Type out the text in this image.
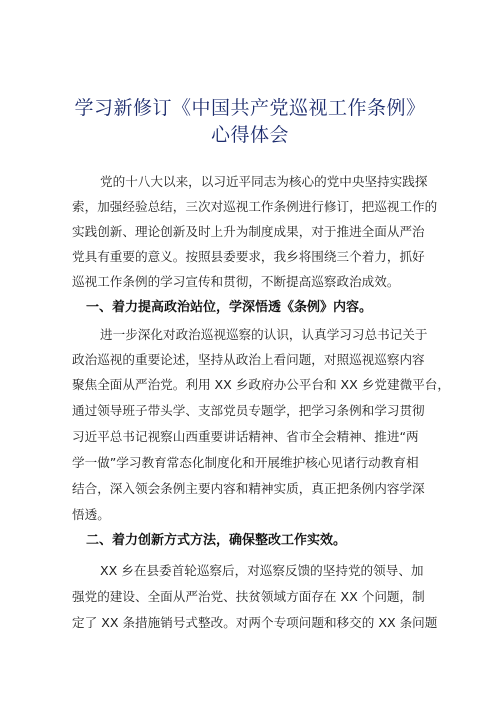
学习新修订《中国共产党巡视工作条例》
心得体会
党的十八大以来，以习近平同志为核心的党中央坚持实践探
索，加强经验总结，三次对巡视工作条例进行修订，把巡视工作的
实践创新、理论创新及时上升为制度成果，对于推进全面从严治
党具有重要的意义。按照县委要求，我乡将围绕三个着力，抓好
巡视工作条例的学习宣传和贯彻，不断提高巡察政治成效。
一、着力提高政治站位，学深悟透《条例》内容。
进一步深化对政治巡视巡察的认识，认真学习习总书记关于
政治巡视的重要论述，坚持从政治上看问题，对照巡视巡察内容
聚焦全面从严治党。利用 XX 乡政府办公平台和 XX 乡党建微平台，
通过领导班子带头学、支部党员专题学，把学习条例和学习贯彻
习近平总书记视察山西重要讲话精神、省市全会精神、推进“两
学一做”学习教育常态化制度化和开展维护核心见诸行动教育相
结合，深入领会条例主要内容和精神实质，真正把条例内容学深
悟透。
二、着力创新方式方法，确保整改工作实效。
XX 乡在县委首轮巡察后，对巡察反馈的坚持党的领导、加
强党的建设、全面从严治党、扶贫领域方面存在 XX 个问题，制
定了 XX 条措施销号式整改。对两个专项问题和移交的 XX 条问题
